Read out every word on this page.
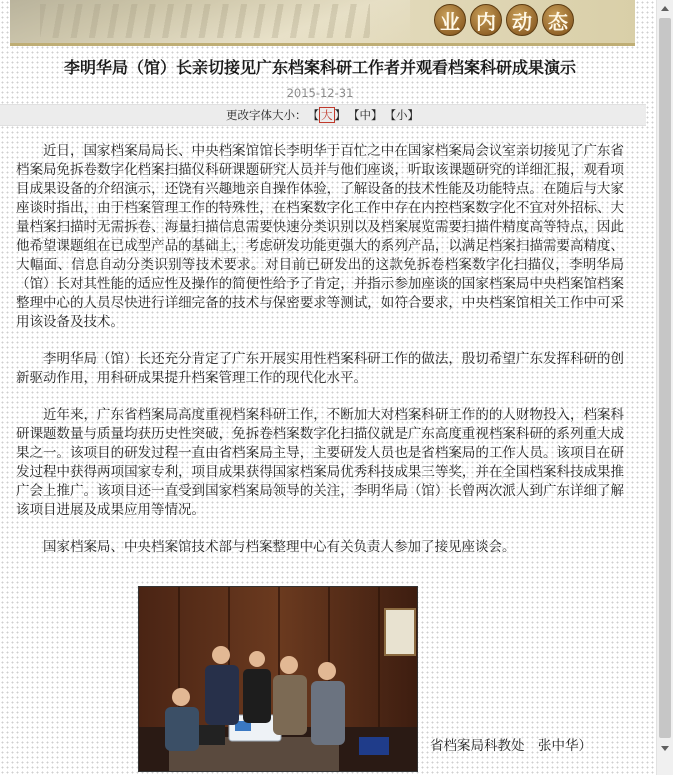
业 内 动 态
李明华局（馆）长亲切接见广东档案科研工作者并观看档案科研成果演示
2015-12-31
更改字体大小： 【 大 】 【中】 【小】

近日，国家档案局局长、中央档案馆馆长李明华于百忙之中在国家档案局会议室亲切接见了广东省档案局免拆卷数字化档案扫描仪科研课题研究人员并与他们座谈，听取该课题研究的详细汇报，观看项目成果设备的介绍演示，还饶有兴趣地亲自操作体验，了解设备的技术性能及功能特点。在随后与大家座谈时指出，由于档案管理工作的特殊性，在档案数字化工作中存在内控档案数字化不宜对外招标、大量档案扫描时无需拆卷、海量扫描信息需要快速分类识别以及档案展览需要扫描件精度高等特点，因此他希望课题组在已成型产品的基础上，考虑研发功能更强大的系列产品，以满足档案扫描需要高精度、大幅面、信息自动分类识别等技术要求。对目前已研发出的这款免拆卷档案数字化扫描仪，李明华局（馆）长对其性能的适应性及操作的简便性给予了肯定，并指示参加座谈的国家档案局中央档案馆档案整理中心的人员尽快进行详细完备的技术与保密要求等测试，如符合要求，中央档案馆相关工作中可采用该设备及技术。

李明华局（馆）长还充分肯定了广东开展实用性档案科研工作的做法，殷切希望广东发挥科研的创新驱动作用，用科研成果提升档案管理工作的现代化水平。

近年来，广东省档案局高度重视档案科研工作，不断加大对档案科研工作的的人财物投入，档案科研课题数量与质量均获历史性突破，免拆卷档案数字化扫描仪就是广东高度重视档案科研的系列重大成果之一。该项目的研发过程一直由省档案局主导，主要研发人员也是省档案局的工作人员。该项目在研发过程中获得两项国家专利，项目成果获得国家档案局优秀科技成果三等奖，并在全国档案科技成果推广会上推广。该项目还一直受到国家档案局领导的关注，李明华局（馆）长曾两次派人到广东详细了解该项目进展及成果应用等情况。

国家档案局、中央档案馆技术部与档案整理中心有关负责人参加了接见座谈会。

省档案局科教处　张中华）
